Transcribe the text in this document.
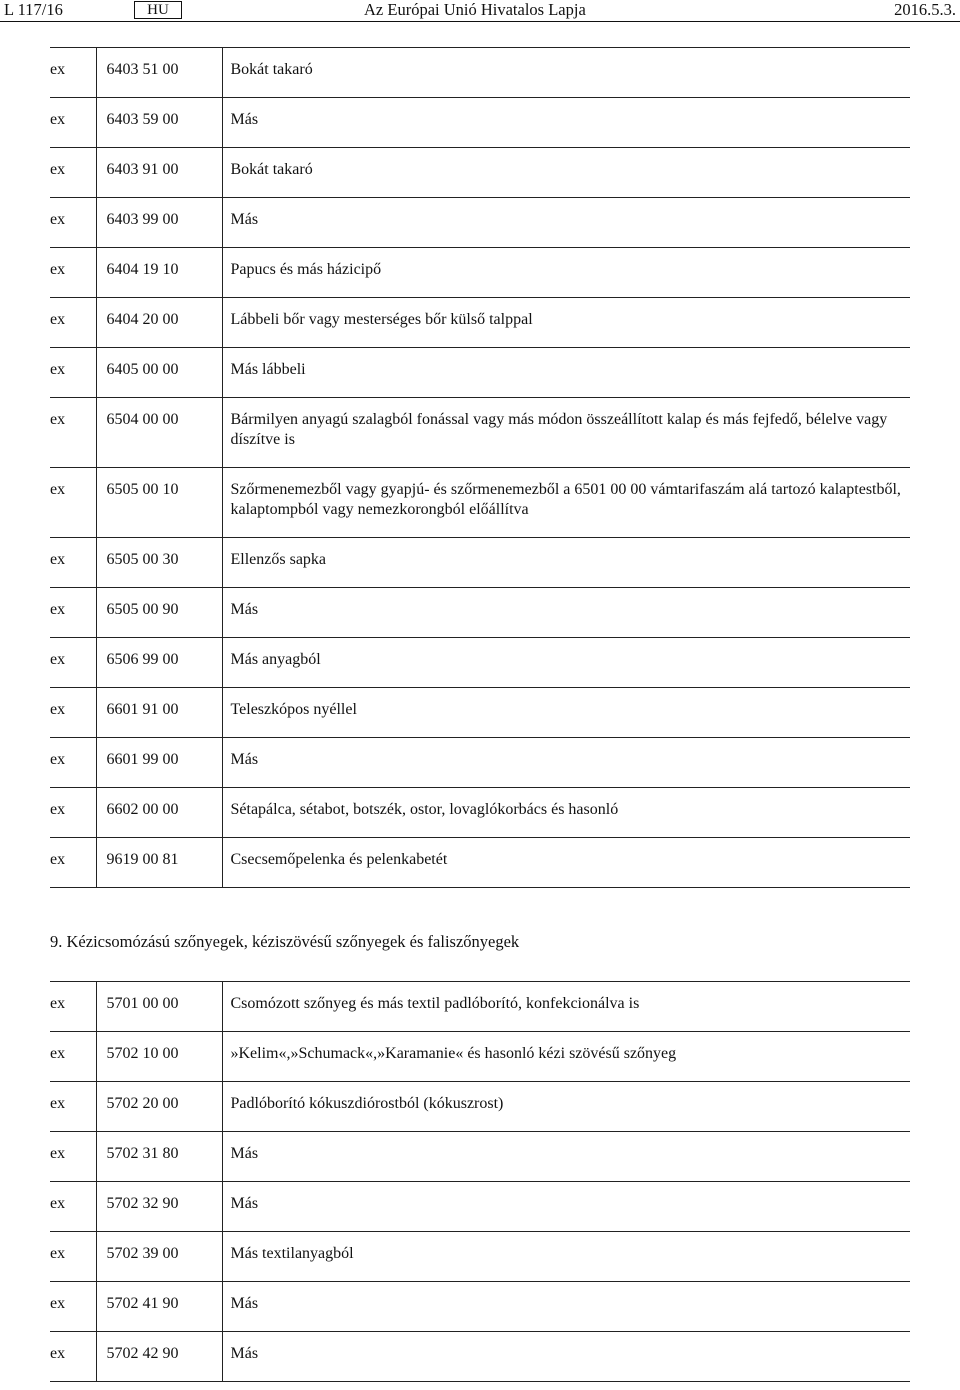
L 117/16	HU	Az Európai Unió Hivatalos Lapja	2016.5.3.
ex	6403 51 00	Bokát takaró
ex	6403 59 00	Más
ex	6403 91 00	Bokát takaró
ex	6403 99 00	Más
ex	6404 19 10	Papucs és más házicipő
ex	6404 20 00	Lábbeli bőr vagy mesterséges bőr külső talppal
ex	6405 00 00	Más lábbeli
ex	6504 00 00	Bármilyen anyagú szalagból fonással vagy más módon összeállított kalap és más fejfedő, bélelve vagy díszítve is
ex	6505 00 10	Szőrmenemezből vagy gyapjú- és szőrmenemezből a 6501 00 00 vámtarifaszám alá tartozó kalaptestből, kalaptompból vagy nemezkorongból előállítva
ex	6505 00 30	Ellenzős sapka
ex	6505 00 90	Más
ex	6506 99 00	Más anyagból
ex	6601 91 00	Teleszkópos nyéllel
ex	6601 99 00	Más
ex	6602 00 00	Sétapálca, sétabot, botszék, ostor, lovaglókorbács és hasonló
ex	9619 00 81	Csecsemőpelenka és pelenkabetét
9. Kézicsomózású szőnyegek, kéziszövésű szőnyegek és faliszőnyegek
ex	5701 00 00	Csomózott szőnyeg és más textil padlóborító, konfekcionálva is
ex	5702 10 00	»Kelim«,»Schumack«,»Karamanie« és hasonló kézi szövésű szőnyeg
ex	5702 20 00	Padlóborító kókuszdiórostból (kókuszrost)
ex	5702 31 80	Más
ex	5702 32 90	Más
ex	5702 39 00	Más textilanyagból
ex	5702 41 90	Más
ex	5702 42 90	Más
